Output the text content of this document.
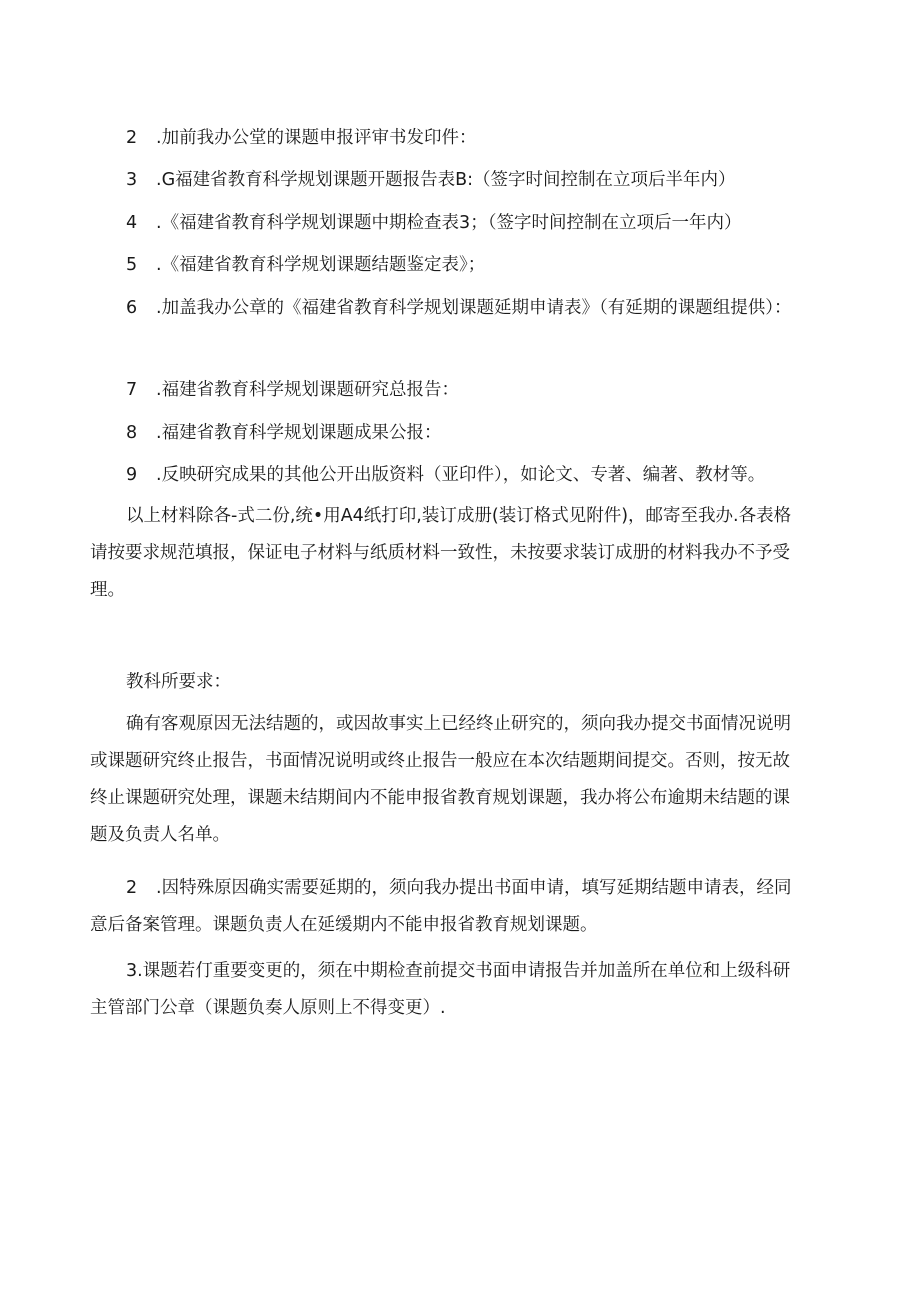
2 .加前我办公堂的课题申报评审书发印件：

3 .G福建省教育科学规划课题开题报告表B:（签字时间控制在立项后半年内）

4 .《福建省教育科学规划课题中期检查表3；（签字时间控制在立项后一年内）

5 .《福建省教育科学规划课题结题鉴定表》；

6 .加盖我办公章的《福建省教育科学规划课题延期申请表》（有延期的课题组提供）：

7 .福建省教育科学规划课题研究总报告：

8 .福建省教育科学规划课题成果公报：

9 .反映研究成果的其他公开出版资料（亚印件），如论文、专著、编著、教材等。

以上材料除各-式二份,统•用A4纸打印,装订成册(装订格式见附件)，邮寄至我办.各表格请按要求规范填报，保证电子材料与纸质材料一致性，未按要求装订成册的材料我办不予受理。

教科所要求：

确有客观原因无法结题的，或因故事实上已经终止研究的，须向我办提交书面情况说明或课题研究终止报告，书面情况说明或终止报告一般应在本次结题期间提交。否则，按无故终止课题研究处理，课题未结期间内不能申报省教育规划课题，我办将公布逾期未结题的课题及负责人名单。

2 .因特殊原因确实需要延期的，须向我办提出书面申请，填写延期结题申请表，经同意后备案管理。课题负责人在延缓期内不能申报省教育规划课题。

3.课题若仃重要变更的，须在中期检查前提交书面申请报告并加盖所在单位和上级科研主管部门公章（课题负奏人原则上不得变更）.
